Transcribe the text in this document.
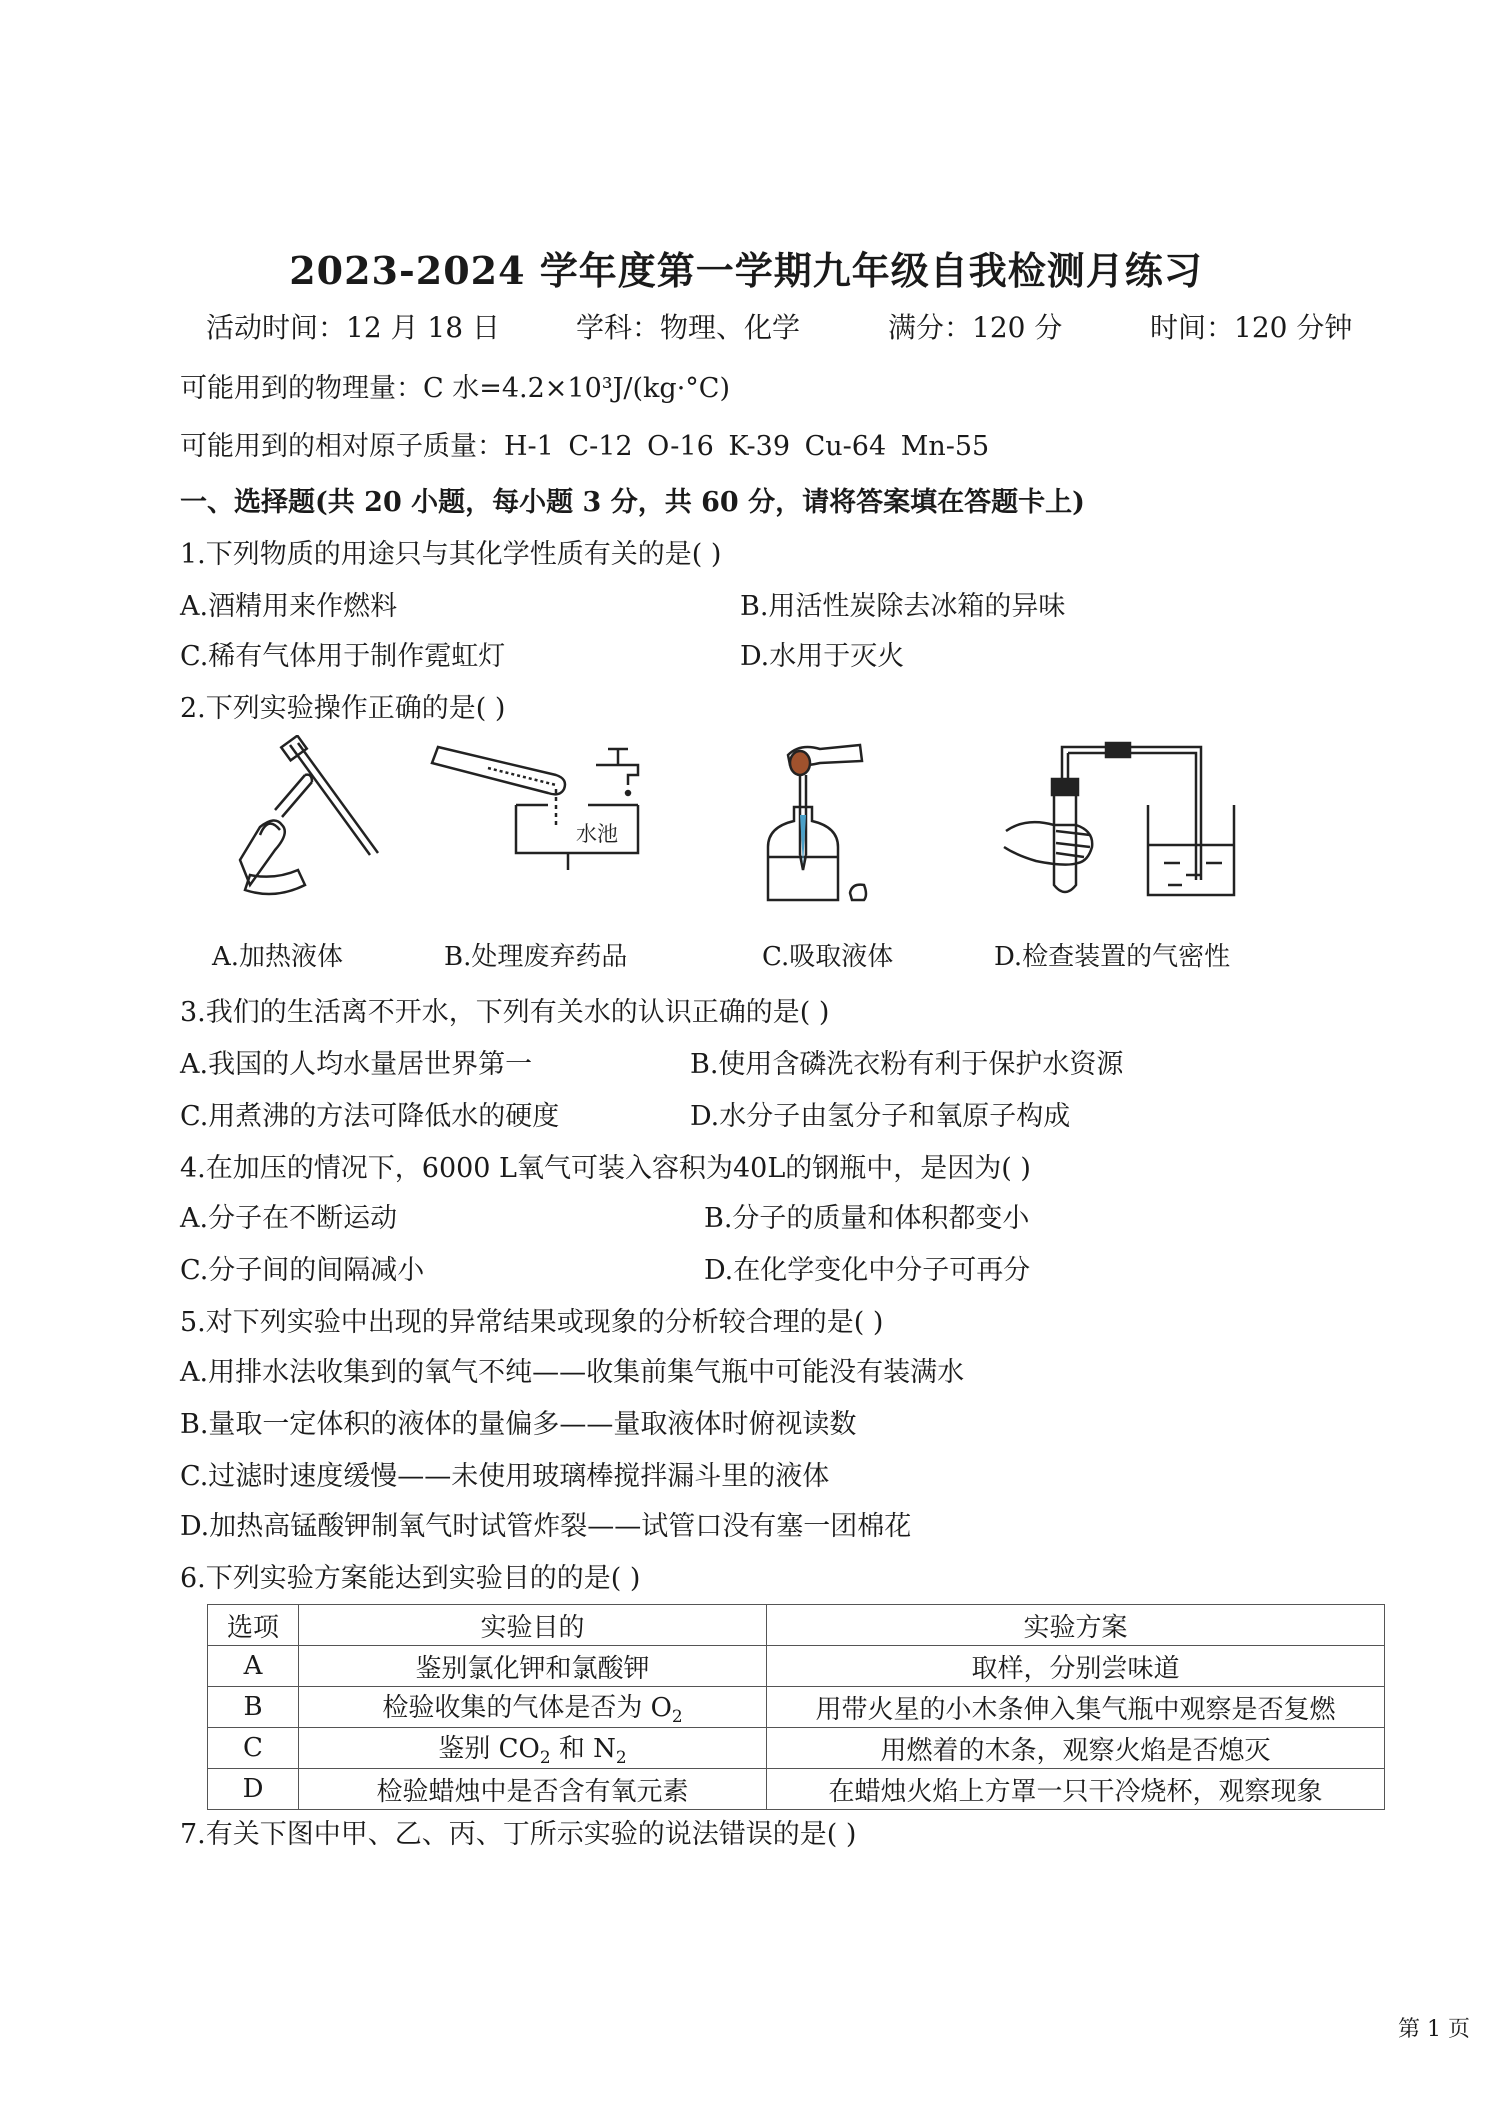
2023-2024 学年度第一学期九年级自我检测月练习
活动时间：12 月 18 日	学科：物理、化学	满分：120 分	时间：120 分钟
可能用到的物理量：C 水=4.2×10³J/(kg·°C)
可能用到的相对原子质量：H-1 C-12 O-16 K-39 Cu-64 Mn-55
一、选择题(共 20 小题，每小题 3 分，共 60 分，请将答案填在答题卡上)
1.下列物质的用途只与其化学性质有关的是( )
A.酒精用来作燃料	B.用活性炭除去冰箱的异味
C.稀有气体用于制作霓虹灯	D.水用于灭火
2.下列实验操作正确的是( )
水池
A.加热液体	B.处理废弃药品	C.吸取液体	D.检查装置的气密性
3.我们的生活离不开水，下列有关水的认识正确的是( )
A.我国的人均水量居世界第一	B.使用含磷洗衣粉有利于保护水资源
C.用煮沸的方法可降低水的硬度	D.水分子由氢分子和氧原子构成
4.在加压的情况下，6000 L氧气可装入容积为40L的钢瓶中，是因为( )
A.分子在不断运动	B.分子的质量和体积都变小
C.分子间的间隔减小	D.在化学变化中分子可再分
5.对下列实验中出现的异常结果或现象的分析较合理的是( )
A.用排水法收集到的氧气不纯——收集前集气瓶中可能没有装满水
B.量取一定体积的液体的量偏多——量取液体时俯视读数
C.过滤时速度缓慢——未使用玻璃棒搅拌漏斗里的液体
D.加热高锰酸钾制氧气时试管炸裂——试管口没有塞一团棉花
6.下列实验方案能达到实验目的的是( )
选项	实验目的	实验方案
A	鉴别氯化钾和氯酸钾	取样，分别尝味道
B	检验收集的气体是否为 $O_2$	用带火星的小木条伸入集气瓶中观察是否复燃
C	鉴别 $CO_2$ 和 $N_2$	用燃着的木条，观察火焰是否熄灭
D	检验蜡烛中是否含有氧元素	在蜡烛火焰上方罩一只干冷烧杯，观察现象
7.有关下图中甲、乙、丙、丁所示实验的说法错误的是( )
第 1 页
